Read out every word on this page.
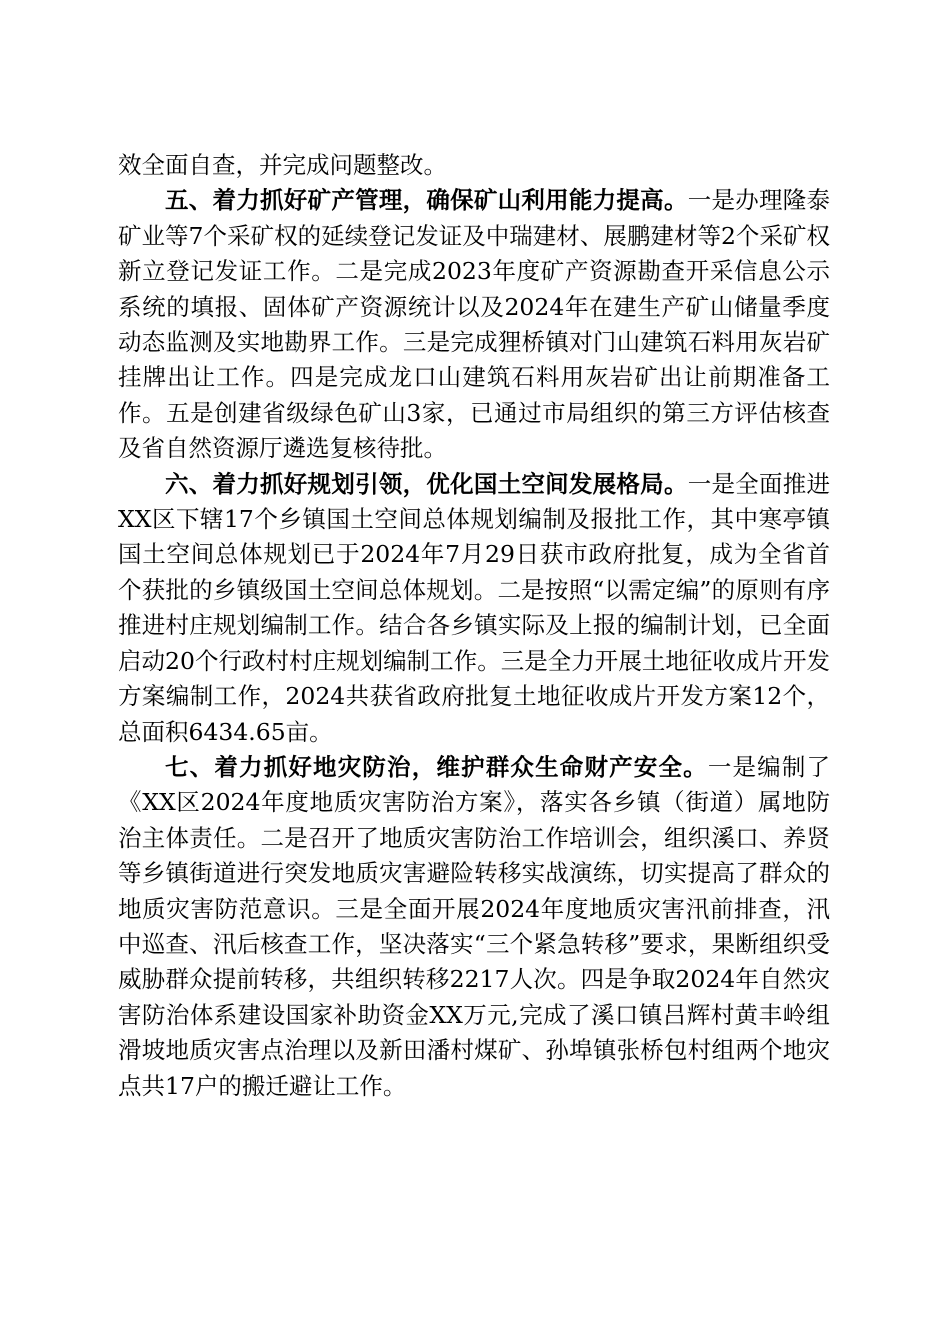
效全面自查，并完成问题整改。

五、着力抓好矿产管理，确保矿山利用能力提高。一是办理隆泰矿业等7个采矿权的延续登记发证及中瑞建材、展鹏建材等2个采矿权新立登记发证工作。二是完成2023年度矿产资源勘查开采信息公示系统的填报、固体矿产资源统计以及2024年在建生产矿山储量季度动态监测及实地勘界工作。三是完成狸桥镇对门山建筑石料用灰岩矿挂牌出让工作。四是完成龙口山建筑石料用灰岩矿出让前期准备工作。五是创建省级绿色矿山3家，已通过市局组织的第三方评估核查及省自然资源厅遴选复核待批。

六、着力抓好规划引领，优化国土空间发展格局。一是全面推进XX区下辖17个乡镇国土空间总体规划编制及报批工作，其中寒亭镇国土空间总体规划已于2024年7月29日获市政府批复，成为全省首个获批的乡镇级国土空间总体规划。二是按照“以需定编”的原则有序推进村庄规划编制工作。结合各乡镇实际及上报的编制计划，已全面启动20个行政村村庄规划编制工作。三是全力开展土地征收成片开发方案编制工作，2024共获省政府批复土地征收成片开发方案12个，总面积6434.65亩。

七、着力抓好地灾防治，维护群众生命财产安全。一是编制了《XX区2024年度地质灾害防治方案》，落实各乡镇（街道）属地防治主体责任。二是召开了地质灾害防治工作培训会，组织溪口、养贤等乡镇街道进行突发地质灾害避险转移实战演练，切实提高了群众的地质灾害防范意识。三是全面开展2024年度地质灾害汛前排查，汛中巡查、汛后核查工作，坚决落实“三个紧急转移”要求，果断组织受威胁群众提前转移，共组织转移2217人次。四是争取2024年自然灾害防治体系建设国家补助资金XX万元,完成了溪口镇吕辉村黄丰岭组滑坡地质灾害点治理以及新田潘村煤矿、孙埠镇张桥包村组两个地灾点共17户的搬迁避让工作。
